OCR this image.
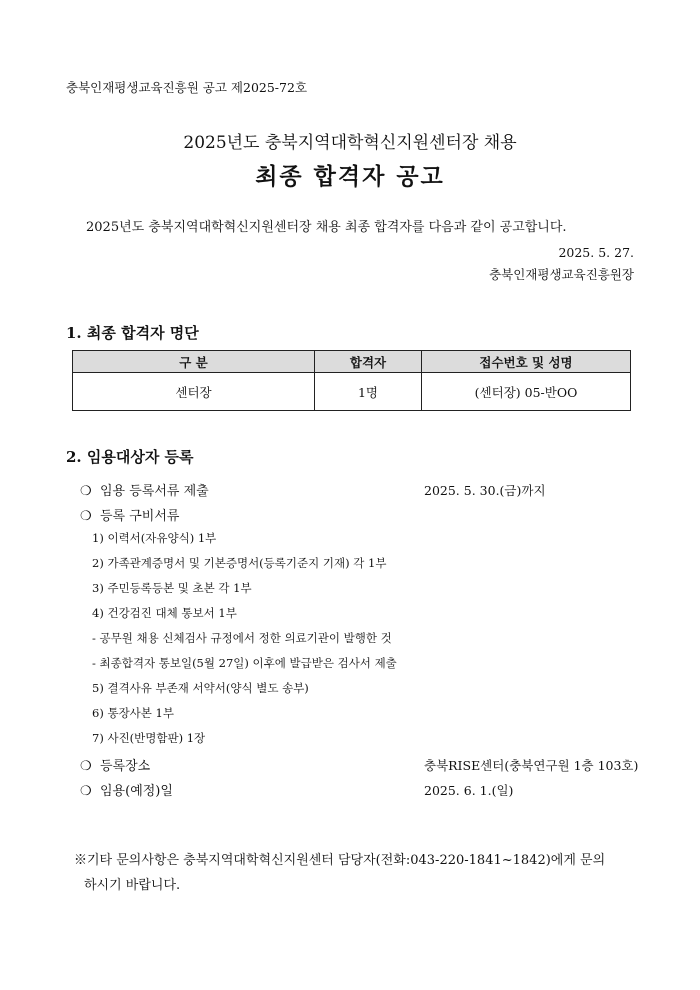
충북인재평생교육진흥원 공고 제2025-72호
2025년도 충북지역대학혁신지원센터장 채용
최종 합격자 공고
2025년도 충북지역대학혁신지원센터장 채용 최종 합격자를 다음과 같이 공고합니다.
2025. 5. 27.
충북인재평생교육진흥원장
1. 최종 합격자 명단
구 분	합격자	접수번호 및 성명
센터장	1명	(센터장) 05-반OO
2. 임용대상자 등록
❍ 임용 등록서류 제출	2025. 5. 30.(금)까지
❍ 등록 구비서류
1) 이력서(자유양식) 1부
2) 가족관계증명서 및 기본증명서(등록기준지 기재) 각 1부
3) 주민등록등본 및 초본 각 1부
4) 건강검진 대체 통보서 1부
- 공무원 채용 신체검사 규정에서 정한 의료기관이 발행한 것
- 최종합격자 통보일(5월 27일) 이후에 발급받은 검사서 제출
5) 결격사유 부존재 서약서(양식 별도 송부)
6) 통장사본 1부
7) 사진(반명함판) 1장
❍ 등록장소	충북RISE센터(충북연구원 1층 103호)
❍ 임용(예정)일	2025. 6. 1.(일)
※기타 문의사항은 충북지역대학혁신지원센터 담당자(전화:043-220-1841~1842)에게 문의
하시기 바랍니다.
